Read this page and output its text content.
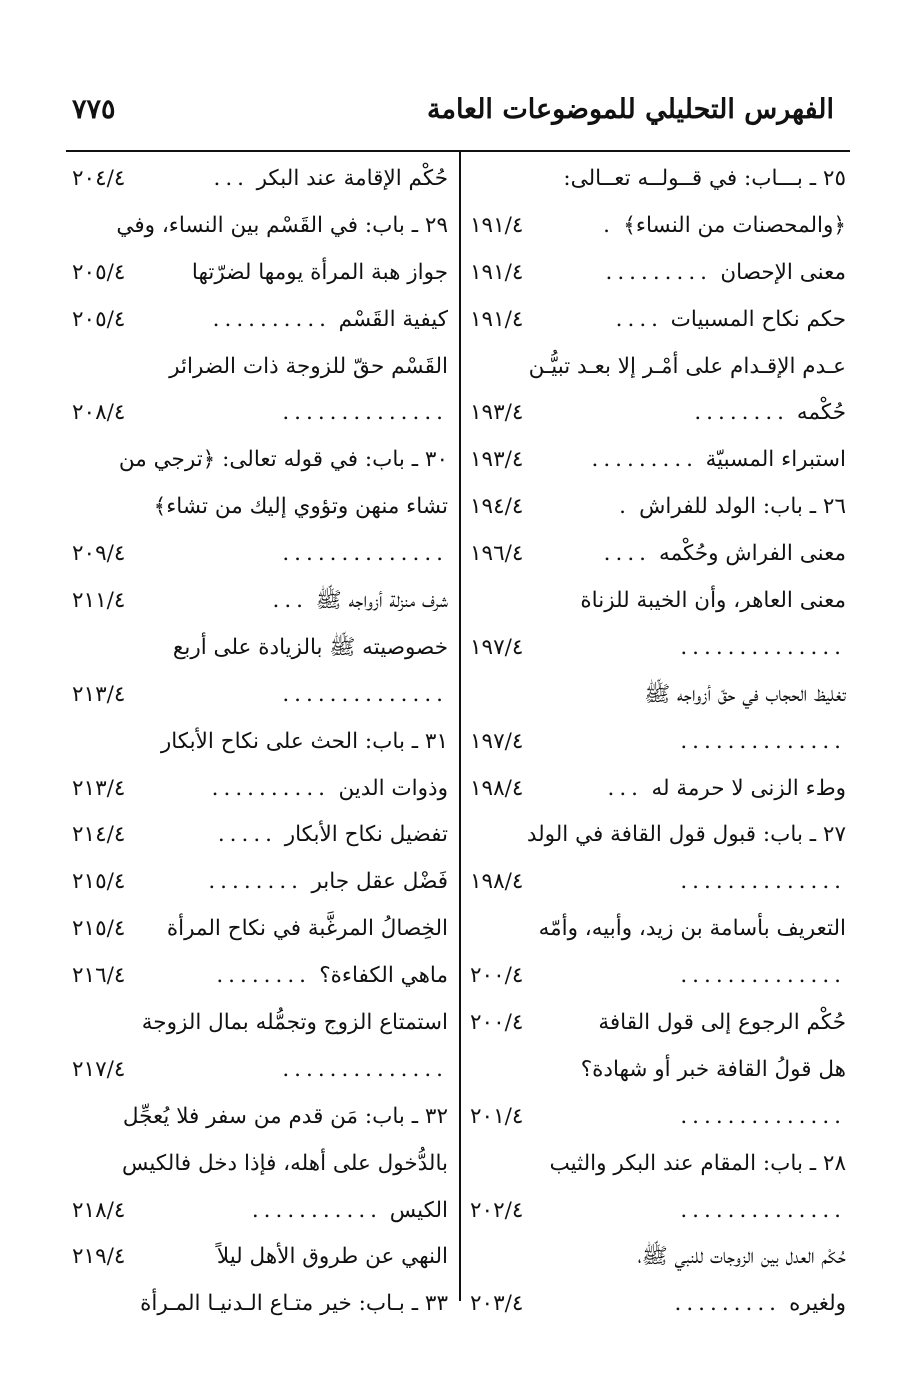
الفهرس التحليلي للموضوعات العامة
٧٧٥
٢٥ ـ بـــاب: في قــولــه تعــالى:
﴿والمحصنات من النساء﴾
.
١٩١/٤
معنى الإحصان
.........
١٩١/٤
حكم نكاح المسبيات
....
١٩١/٤
عـدم الإقـدام على أمْـر إلا بعـد تبيُّـن
حُكْمه
........
١٩٣/٤
استبراء المسبيّة
.........
١٩٣/٤
٢٦ ـ باب: الولد للفراش
.
١٩٤/٤
معنى الفراش وحُكْمه
....
١٩٦/٤
معنى العاهر، وأن الخيبة للزناة
..............
١٩٧/٤
تغليظ الحجاب في حقّ أزواجه ﷺ
..............
١٩٧/٤
وطء الزنى لا حرمة له
...
١٩٨/٤
٢٧ ـ باب: قبول قول القافة في الولد
..............
١٩٨/٤
التعريف بأسامة بن زيد، وأبيه، وأمّه
..............
٢٠٠/٤
حُكْم الرجوع إلى قول القافة
٢٠٠/٤
هل قولُ القافة خبر أو شهادة؟
..............
٢٠١/٤
٢٨ ـ باب: المقام عند البكر والثيب
..............
٢٠٢/٤
حُكْم العدل بين الزوجات للنبي ﷺ،
ولغيره
.........
٢٠٣/٤
حُكْم الإقامة عند البكر
...
٢٠٤/٤
٢٩ ـ باب: في القَسْم بين النساء، وفي
جواز هبة المرأة يومها لضرّتها
٢٠٥/٤
كيفية القَسْم
..........
٢٠٥/٤
القَسْم حقّ للزوجة ذات الضرائر
..............
٢٠٨/٤
٣٠ ـ باب: في قوله تعالى: ﴿ترجي من
تشاء منهن وتؤوي إليك من تشاء﴾
..............
٢٠٩/٤
شرف منزلة أزواجه ﷺ
...
٢١١/٤
خصوصيته ﷺ بالزيادة على أربع
..............
٢١٣/٤
٣١ ـ باب: الحث على نكاح الأبكار
وذوات الدين
..........
٢١٣/٤
تفضيل نكاح الأبكار
.....
٢١٤/٤
فَضْل عقل جابر
........
٢١٥/٤
الخِصالُ المرغَّبة في نكاح المرأة
٢١٥/٤
ماهي الكفاءة؟
........
٢١٦/٤
استمتاع الزوج وتجمُّله بمال الزوجة
..............
٢١٧/٤
٣٢ ـ باب: مَن قدم من سفر فلا يُعجِّل
بالدُّخول على أهله، فإذا دخل فالكيس
الكيس
...........
٢١٨/٤
النهي عن طروق الأهل ليلاً
٢١٩/٤
٣٣ ـ بـاب: خير متـاع الـدنيـا المـرأة
